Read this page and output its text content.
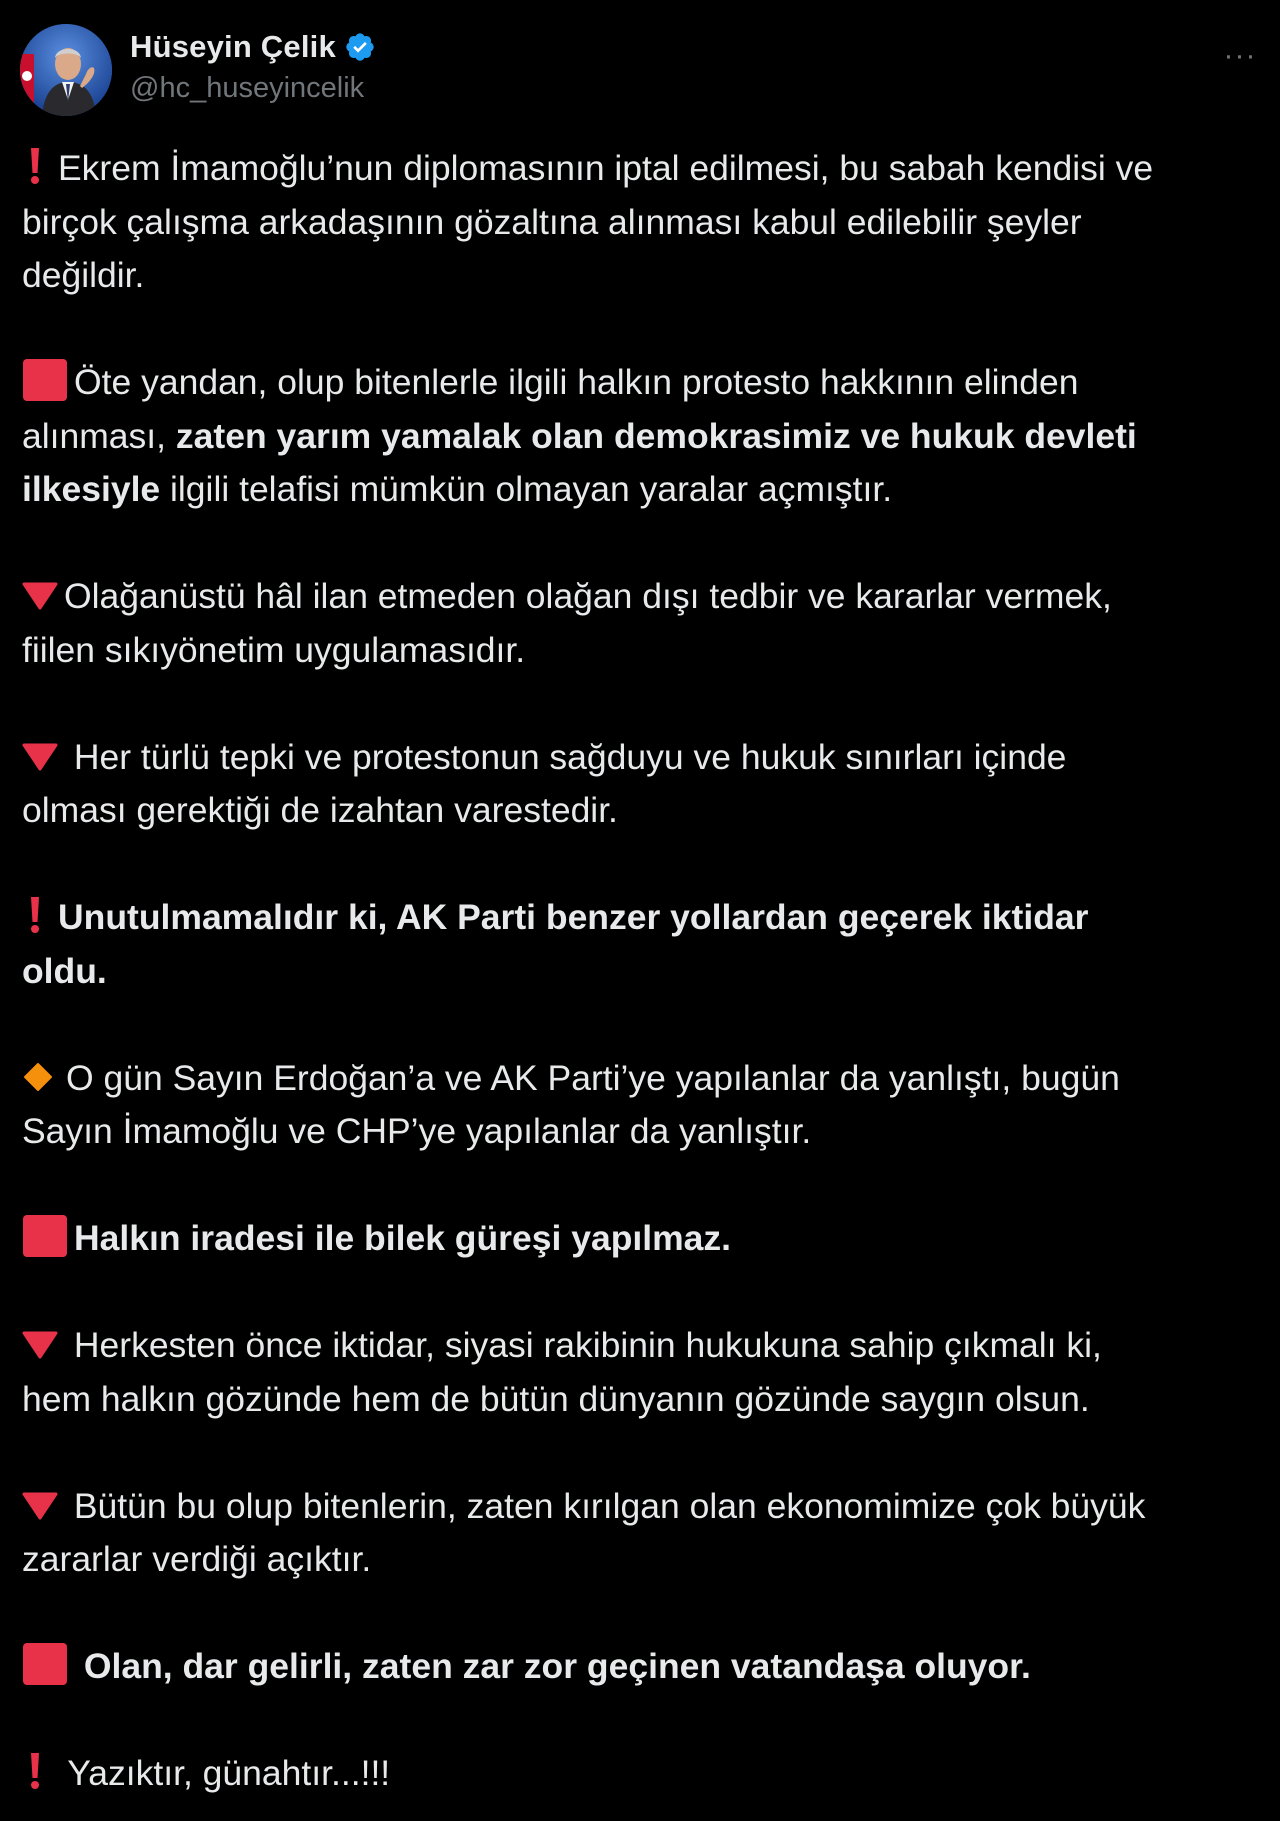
Hüseyin Çelik
@hc_huseyincelik
···
Ekrem İmamoğlu’nun diplomasının iptal edilmesi, bu sabah kendisi ve
birçok çalışma arkadaşının gözaltına alınması kabul edilebilir şeyler
değildir.
Öte yandan, olup bitenlerle ilgili halkın protesto hakkının elinden
alınması, zaten yarım yamalak olan demokrasimiz ve hukuk devleti
ilkesiyle ilgili telafisi mümkün olmayan yaralar açmıştır.
Olağanüstü hâl ilan etmeden olağan dışı tedbir ve kararlar vermek,
fiilen sıkıyönetim uygulamasıdır.
Her türlü tepki ve protestonun sağduyu ve hukuk sınırları içinde
olması gerektiği de izahtan varestedir.
Unutulmamalıdır ki, AK Parti benzer yollardan geçerek iktidar
oldu.
O gün Sayın Erdoğan’a ve AK Parti’ye yapılanlar da yanlıştı, bugün
Sayın İmamoğlu ve CHP’ye yapılanlar da yanlıştır.
Halkın iradesi ile bilek güreşi yapılmaz.
Herkesten önce iktidar, siyasi rakibinin hukukuna sahip çıkmalı ki,
hem halkın gözünde hem de bütün dünyanın gözünde saygın olsun.
Bütün bu olup bitenlerin, zaten kırılgan olan ekonomimize çok büyük
zararlar verdiği açıktır.
Olan, dar gelirli, zaten zar zor geçinen vatandaşa oluyor.
Yazıktır, günahtır...!!!
